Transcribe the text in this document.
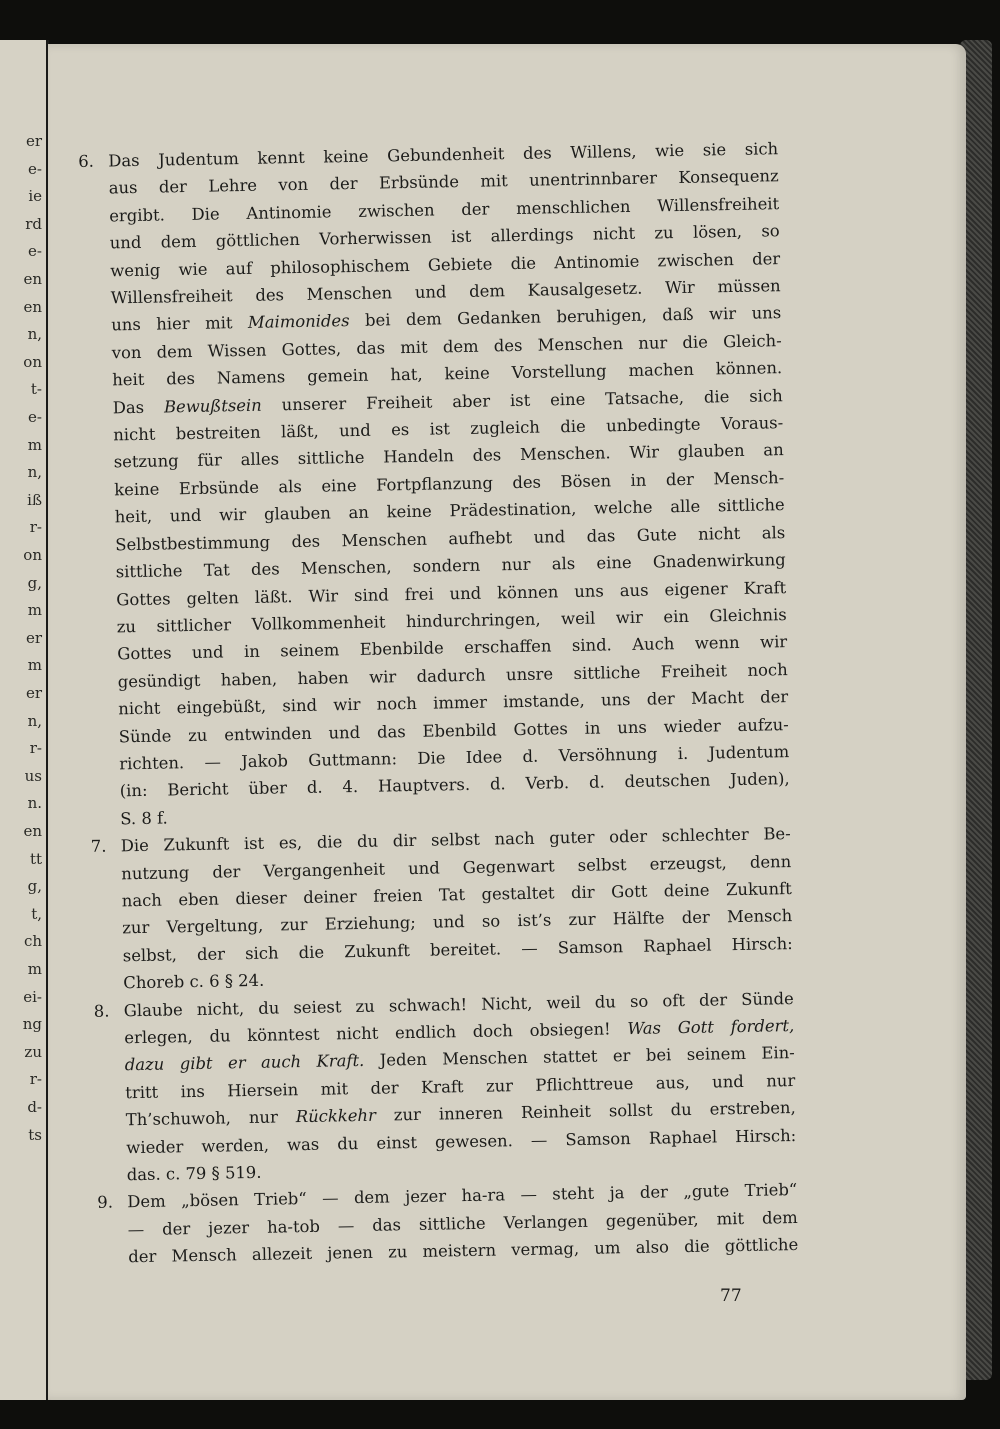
er
e-
ie
rd
e-
en
en
n,
on
t-
e-
m
n,
iß
r-
on
g,
m
er
m
er
n,
r-
us
n.
en
tt
g,
t,
ch
m
ei-
ng
zu
r-
d-
ts
6. Das Judentum kennt keine Gebundenheit des Willens, wie sie sich
aus der Lehre von der Erbsünde mit unentrinnbarer Konsequenz
ergibt. Die Antinomie zwischen der menschlichen Willensfreiheit
und dem göttlichen Vorherwissen ist allerdings nicht zu lösen, so
wenig wie auf philosophischem Gebiete die Antinomie zwischen der
Willensfreiheit des Menschen und dem Kausalgesetz. Wir müssen
uns hier mit Maimonides bei dem Gedanken beruhigen, daß wir uns
von dem Wissen Gottes, das mit dem des Menschen nur die Gleich-
heit des Namens gemein hat, keine Vorstellung machen können.
Das Bewußtsein unserer Freiheit aber ist eine Tatsache, die sich
nicht bestreiten läßt, und es ist zugleich die unbedingte Voraus-
setzung für alles sittliche Handeln des Menschen. Wir glauben an
keine Erbsünde als eine Fortpflanzung des Bösen in der Mensch-
heit, und wir glauben an keine Prädestination, welche alle sittliche
Selbstbestimmung des Menschen aufhebt und das Gute nicht als
sittliche Tat des Menschen, sondern nur als eine Gnadenwirkung
Gottes gelten läßt. Wir sind frei und können uns aus eigener Kraft
zu sittlicher Vollkommenheit hindurchringen, weil wir ein Gleichnis
Gottes und in seinem Ebenbilde erschaffen sind. Auch wenn wir
gesündigt haben, haben wir dadurch unsre sittliche Freiheit noch
nicht eingebüßt, sind wir noch immer imstande, uns der Macht der
Sünde zu entwinden und das Ebenbild Gottes in uns wieder aufzu-
richten. — Jakob Guttmann: Die Idee d. Versöhnung i. Judentum
(in: Bericht über d. 4. Hauptvers. d. Verb. d. deutschen Juden),
S. 8 f.
7. Die Zukunft ist es, die du dir selbst nach guter oder schlechter Be-
nutzung der Vergangenheit und Gegenwart selbst erzeugst, denn
nach eben dieser deiner freien Tat gestaltet dir Gott deine Zukunft
zur Vergeltung, zur Erziehung; und so ist’s zur Hälfte der Mensch
selbst, der sich die Zukunft bereitet. — Samson Raphael Hirsch:
Choreb c. 6 § 24.
8. Glaube nicht, du seiest zu schwach! Nicht, weil du so oft der Sünde
erlegen, du könntest nicht endlich doch obsiegen! Was Gott fordert,
dazu gibt er auch Kraft. Jeden Menschen stattet er bei seinem Ein-
tritt ins Hiersein mit der Kraft zur Pflichttreue aus, und nur
Th’schuwoh, nur Rückkehr zur inneren Reinheit sollst du erstreben,
wieder werden, was du einst gewesen. — Samson Raphael Hirsch:
das. c. 79 § 519.
9. Dem „bösen Trieb“ — dem jezer ha-ra — steht ja der „gute Trieb“
— der jezer ha-tob — das sittliche Verlangen gegenüber, mit dem
der Mensch allezeit jenen zu meistern vermag, um also die göttliche
77
